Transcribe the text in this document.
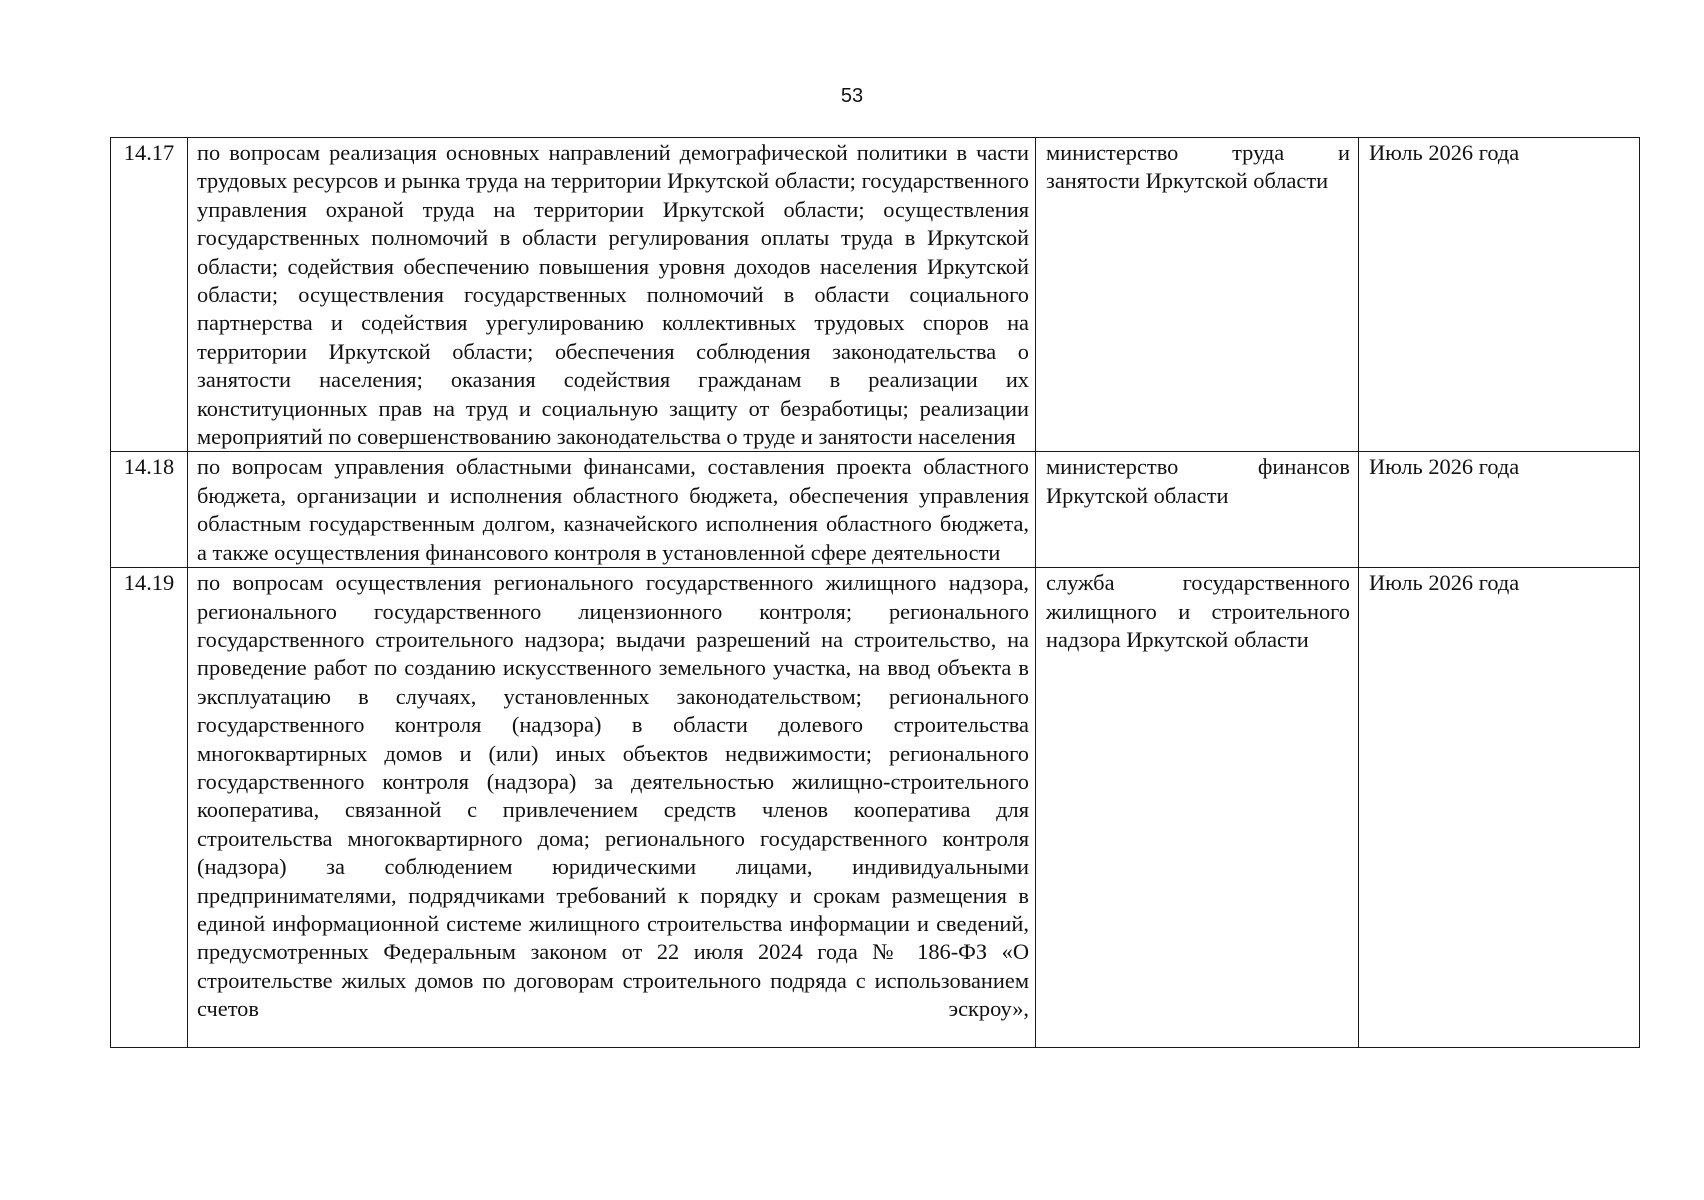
53
14.17	по вопросам реализация основных направлений демографической политики в части трудовых ресурсов и рынка труда на территории Иркутской области; государственного управления охраной труда на территории Иркутской области; осуществления государственных полномочий в области регулирования оплаты труда в Иркутской области; содействия обеспечению повышения уровня доходов населения Иркутской области; осуществления государственных полномочий в области социального партнерства и содействия урегулированию коллективных трудовых споров на территории Иркутской области; обеспечения соблюдения законодательства о занятости населения; оказания содействия гражданам в реализации их конституционных прав на труд и социальную защиту от безработицы; реализации мероприятий по совершенствованию законодательства о труде и занятости населения	министерство труда и занятости Иркутской области	Июль 2026 года
14.18	по вопросам управления областными финансами, составления проекта областного бюджета, организации и исполнения областного бюджета, обеспечения управления областным государственным долгом, казначейского исполнения областного бюджета, а также осуществления финансового контроля в установленной сфере деятельности	министерство финансов Иркутской области	Июль 2026 года
14.19	по вопросам осуществления регионального государственного жилищного надзора, регионального государственного лицензионного контроля; регионального государственного строительного надзора; выдачи разрешений на строительство, на проведение работ по созданию искусственного земельного участка, на ввод объекта в эксплуатацию в случаях, установленных законодательством; регионального государственного контроля (надзора) в области долевого строительства многоквартирных домов и (или) иных объектов недвижимости; регионального государственного контроля (надзора) за деятельностью жилищно-строительного кооператива, связанной с привлечением средств членов кооператива для строительства многоквартирного дома; регионального государственного контроля (надзора) за соблюдением юридическими лицами, индивидуальными предпринимателями, подрядчиками требований к порядку и срокам размещения в единой информационной системе жилищного строительства информации и сведений, предусмотренных Федеральным законом от 22 июля 2024 года № 186-ФЗ «О строительстве жилых домов по договорам строительного подряда с использованием счетов эскроу»,	служба государственного жилищного и строительного надзора Иркутской области	Июль 2026 года
